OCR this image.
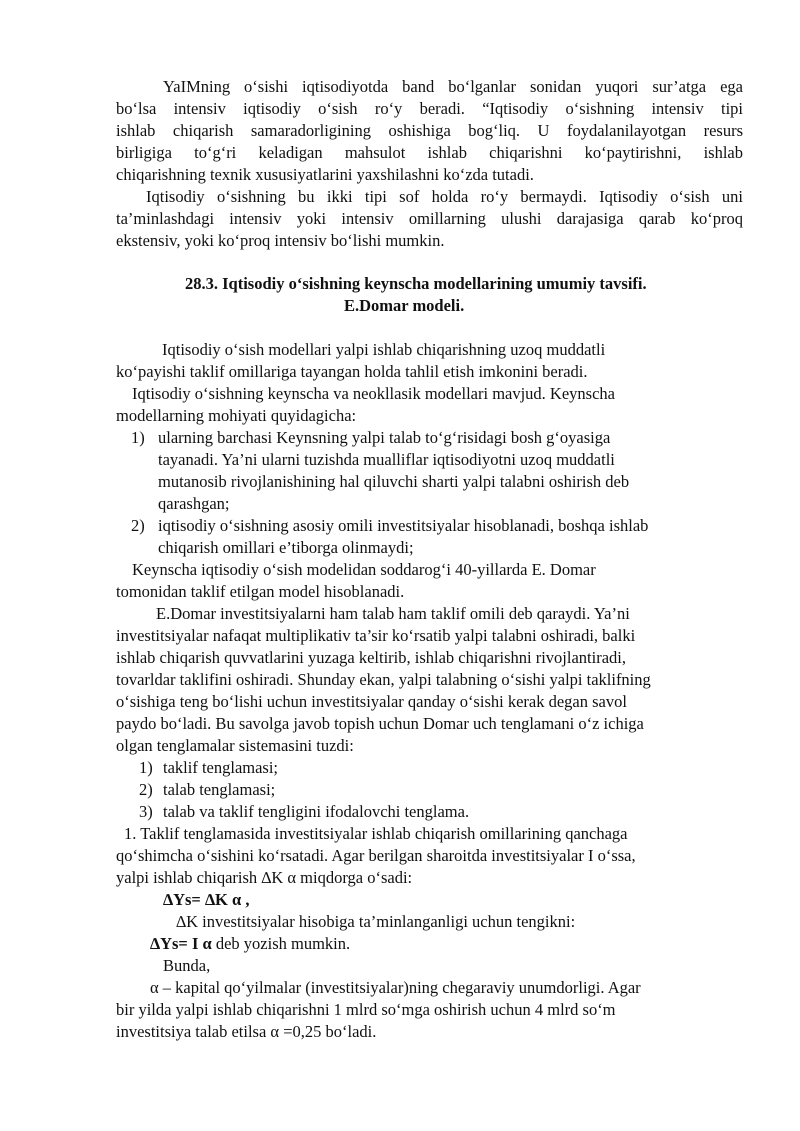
YaIMning o‘sishi iqtisodiyotda band bo‘lganlar sonidan yuqori sur’atga ega
bo‘lsa intensiv iqtisodiy o‘sish ro‘y beradi. “Iqtisodiy o‘sishning intensiv tipi
ishlab chiqarish samaradorligining oshishiga bog‘liq. U foydalanilayotgan resurs
birligiga to‘g‘ri keladigan mahsulot ishlab chiqarishni ko‘paytirishni, ishlab
chiqarishning texnik xususiyatlarini yaxshilashni ko‘zda tutadi.
Iqtisodiy o‘sishning bu ikki tipi sof holda ro‘y bermaydi. Iqtisodiy o‘sish uni
ta’minlashdagi intensiv yoki intensiv omillarning ulushi darajasiga qarab ko‘proq
ekstensiv, yoki ko‘proq intensiv bo‘lishi mumkin.
28.3. Iqtisodiy o‘sishning keynscha modellarining umumiy tavsifi.
E.Domar modeli.
Iqtisodiy o‘sish modellari yalpi ishlab chiqarishning uzoq muddatli
ko‘payishi taklif omillariga tayangan holda tahlil etish imkonini beradi.
Iqtisodiy o‘sishning keynscha va neokllasik modellari mavjud. Keynscha
modellarning mohiyati quyidagicha:
1) ularning barchasi Keynsning yalpi talab to‘g‘risidagi bosh g‘oyasiga
tayanadi. Ya’ni ularni tuzishda mualliflar iqtisodiyotni uzoq muddatli
mutanosib rivojlanishining hal qiluvchi sharti yalpi talabni oshirish deb
qarashgan;
2) iqtisodiy o‘sishning asosiy omili investitsiyalar hisoblanadi, boshqa ishlab
chiqarish omillari e’tiborga olinmaydi;
Keynscha iqtisodiy o‘sish modelidan soddarog‘i 40-yillarda E. Domar
tomonidan taklif etilgan model hisoblanadi.
E.Domar investitsiyalarni ham talab ham taklif omili deb qaraydi. Ya’ni
investitsiyalar nafaqat multiplikativ ta’sir ko‘rsatib yalpi talabni oshiradi, balki
ishlab chiqarish quvvatlarini yuzaga keltirib, ishlab chiqarishni rivojlantiradi,
tovarldar taklifini oshiradi. Shunday ekan, yalpi talabning o‘sishi yalpi taklifning
o‘sishiga teng bo‘lishi uchun investitsiyalar qanday o‘sishi kerak degan savol
paydo bo‘ladi. Bu savolga javob topish uchun Domar uch tenglamani o‘z ichiga
olgan tenglamalar sistemasini tuzdi:
1) taklif tenglamasi;
2) talab tenglamasi;
3) talab va taklif tengligini ifodalovchi tenglama.
1. Taklif tenglamasida investitsiyalar ishlab chiqarish omillarining qanchaga
qo‘shimcha o‘sishini ko‘rsatadi. Agar berilgan sharoitda investitsiyalar I o‘ssa,
yalpi ishlab chiqarish ∆K α miqdorga o‘sadi:
∆Ys= ∆K α ,
∆K investitsiyalar hisobiga ta’minlanganligi uchun tengikni:
∆Ys= I α deb yozish mumkin.
Bunda,
α – kapital qo‘yilmalar (investitsiyalar)ning chegaraviy unumdorligi. Agar
bir yilda yalpi ishlab chiqarishni 1 mlrd so‘mga oshirish uchun 4 mlrd so‘m
investitsiya talab etilsa α =0,25 bo‘ladi.
